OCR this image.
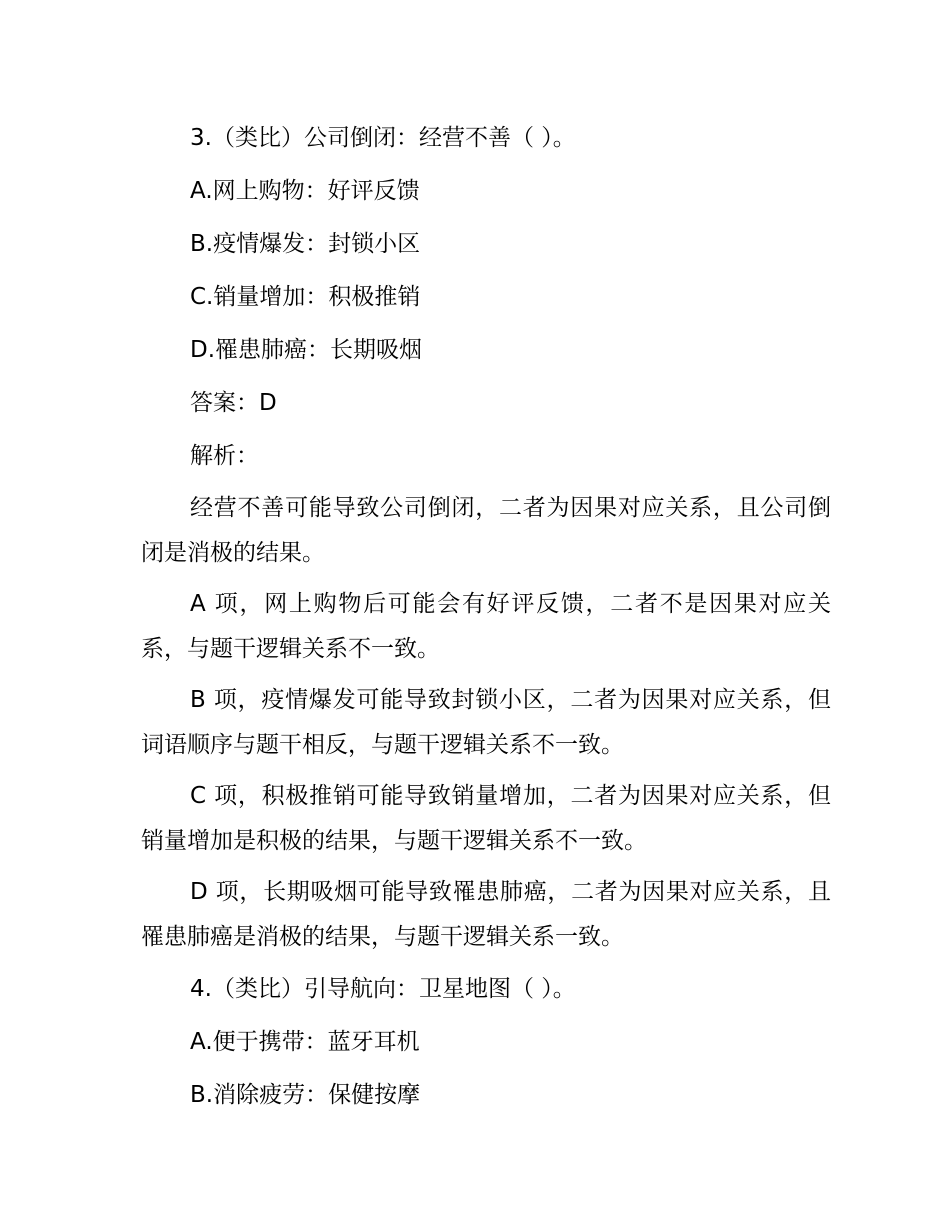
3.（类比）公司倒闭：经营不善（ ）。
A.网上购物：好评反馈
B.疫情爆发：封锁小区
C.销量增加：积极推销
D.罹患肺癌：长期吸烟
答案：D
解析：
经营不善可能导致公司倒闭，二者为因果对应关系，且公司倒闭是消极的结果。
A 项，网上购物后可能会有好评反馈，二者不是因果对应关系，与题干逻辑关系不一致。
B 项，疫情爆发可能导致封锁小区，二者为因果对应关系，但词语顺序与题干相反，与题干逻辑关系不一致。
C 项，积极推销可能导致销量增加，二者为因果对应关系，但销量增加是积极的结果，与题干逻辑关系不一致。
D 项，长期吸烟可能导致罹患肺癌，二者为因果对应关系，且罹患肺癌是消极的结果，与题干逻辑关系一致。
4.（类比）引导航向：卫星地图（ ）。
A.便于携带：蓝牙耳机
B.消除疲劳：保健按摩
